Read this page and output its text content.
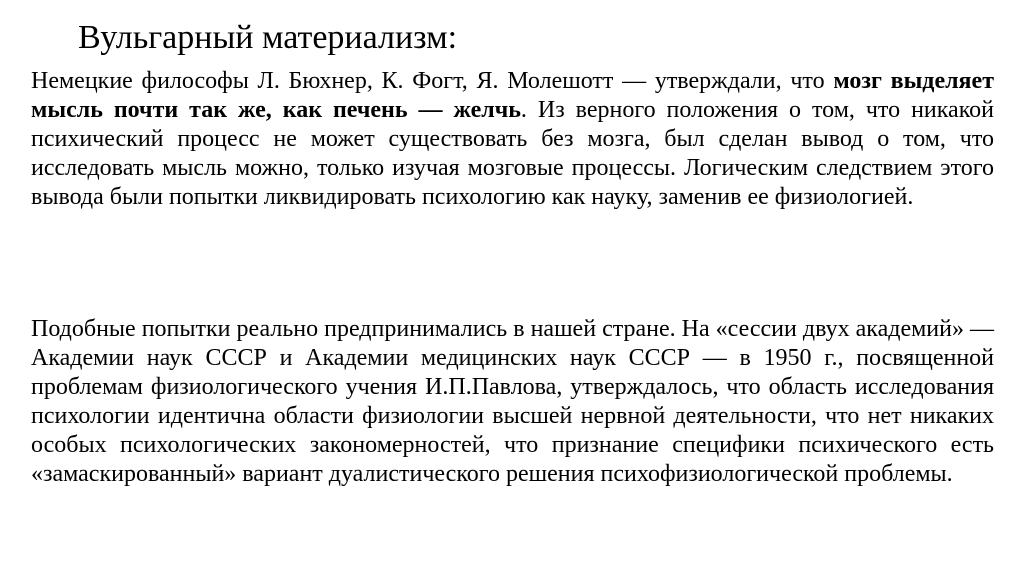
Вульгарный материализм:

Немецкие философы Л. Бюхнер, К. Фогт, Я. Молешотт — утверждали, что мозг выделяет мысль почти так же, как печень — желчь. Из верного положения о том, что никакой психический процесс не может существовать без мозга, был сделан вывод о том, что исследовать мысль можно, только изучая мозговые процессы. Логическим следствием этого вывода были попытки ликвидировать психологию как науку, заменив ее физиологией.

Подобные попытки реально предпринимались в нашей стране. На «сессии двух академий» — Академии наук СССР и Академии медицинских наук СССР — в 1950 г., посвященной проблемам физиологического учения И.П.Павлова, утверждалось, что область исследования психологии идентична области физиологии высшей нервной деятельности, что нет никаких особых психологических закономерностей, что признание специфики психического есть «замаскированный» вариант дуалистического решения психофизиологической проблемы.
